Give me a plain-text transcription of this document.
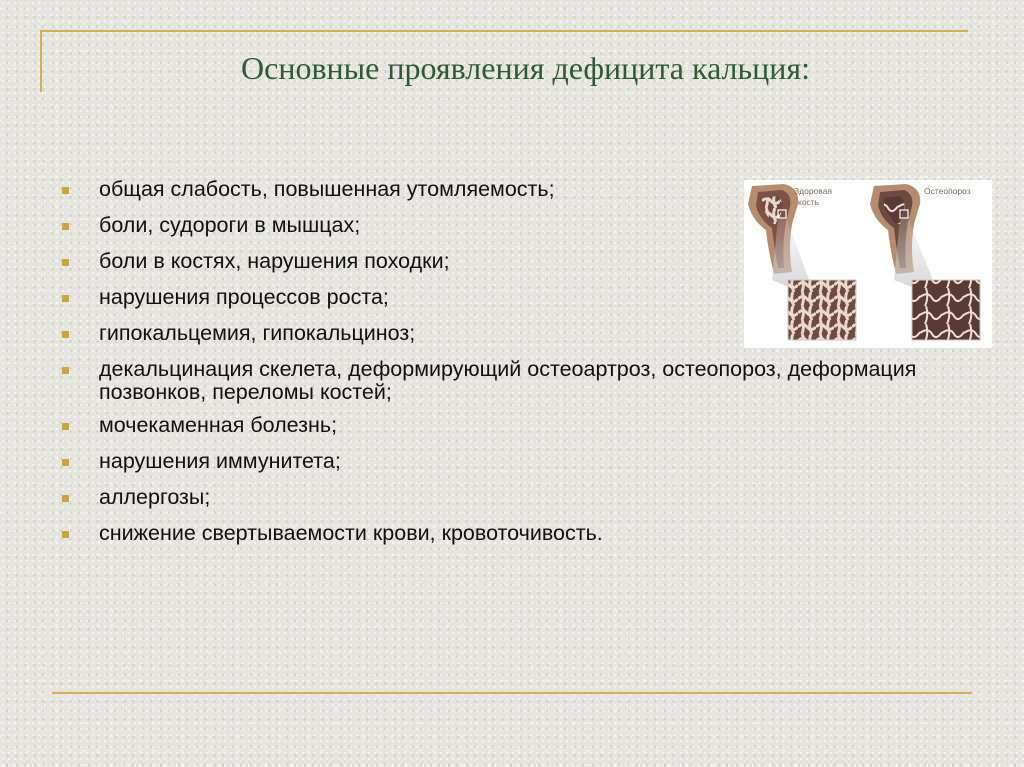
Основные проявления дефицита кальция:
общая слабость, повышенная утомляемость;
боли, судороги в мышцах;
боли в костях, нарушения походки;
нарушения процессов роста;
гипокальцемия, гипокальциноз;
декальцинация скелета, деформирующий остеоартроз, остеопороз, деформация позвонков, переломы костей;
мочекаменная болезнь;
нарушения иммунитета;
аллергозы;
снижение свертываемости крови, кровоточивость.
Здоровая
кость
Остеопороз
